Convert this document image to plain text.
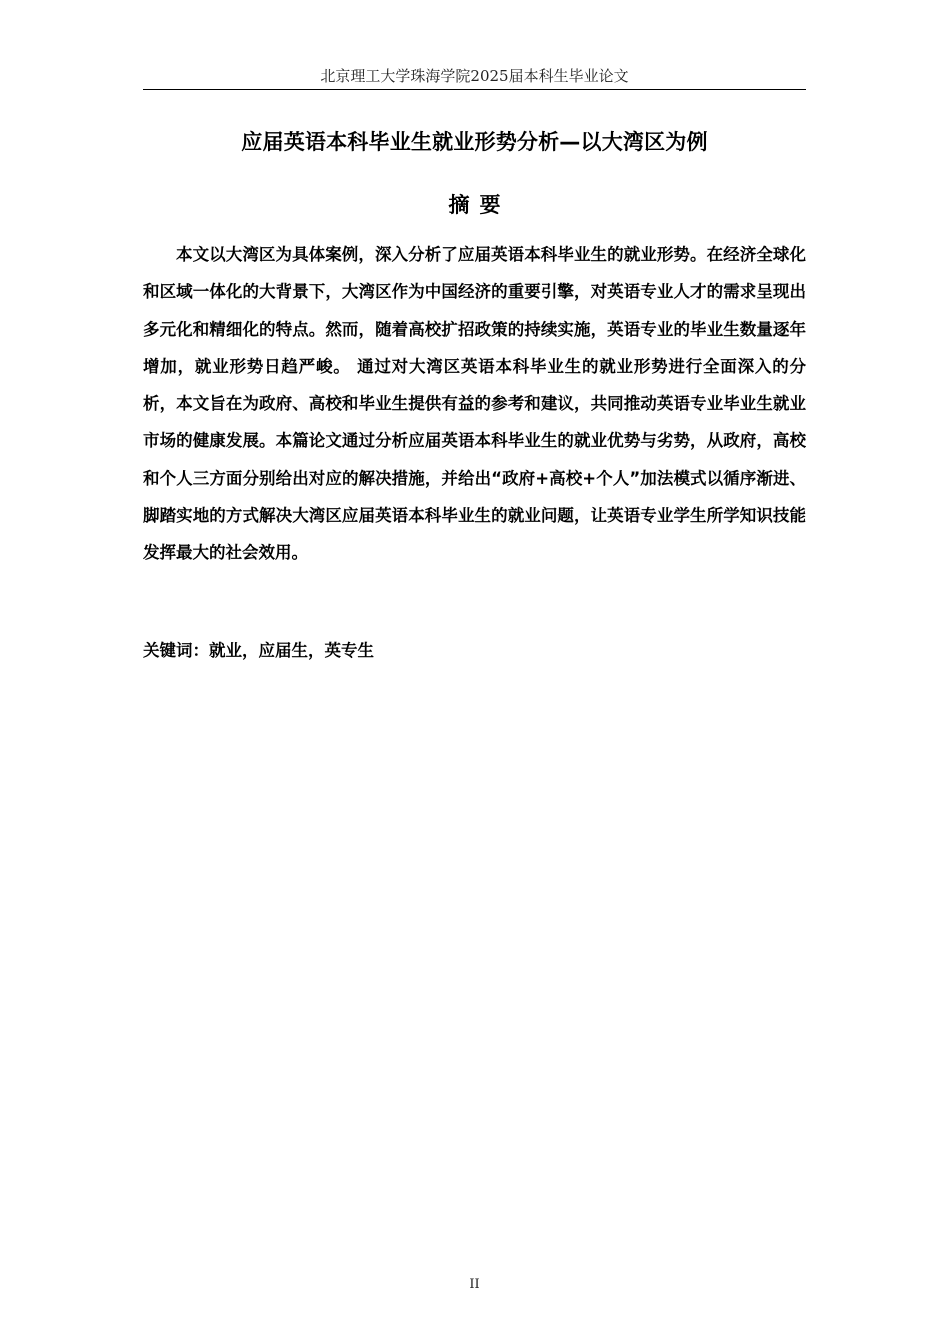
北京理工大学珠海学院2025届本科生毕业论文
应届英语本科毕业生就业形势分析—以大湾区为例
摘要

本文以大湾区为具体案例，深入分析了应届英语本科毕业生的就业形势。在经济全球化和区域一体化的大背景下，大湾区作为中国经济的重要引擎，对英语专业人才的需求呈现出多元化和精细化的特点。然而，随着高校扩招政策的持续实施，英语专业的毕业生数量逐年增加，就业形势日趋严峻。 通过对大湾区英语本科毕业生的就业形势进行全面深入的分析，本文旨在为政府、高校和毕业生提供有益的参考和建议，共同推动英语专业毕业生就业市场的健康发展。本篇论文通过分析应届英语本科毕业生的就业优势与劣势，从政府，高校和个人三方面分别给出对应的解决措施，并给出“政府+高校+个人”加法模式以循序渐进、脚踏实地的方式解决大湾区应届英语本科毕业生的就业问题，让英语专业学生所学知识技能发挥最大的社会效用。

关键词：就业，应届生，英专生
II
